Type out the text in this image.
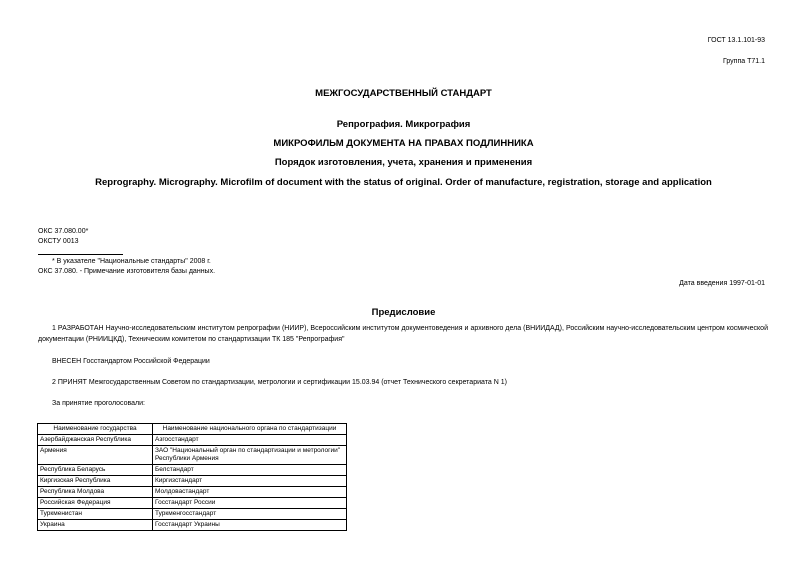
ГОСТ 13.1.101-93
Группа Т71.1
МЕЖГОСУДАРСТВЕННЫЙ СТАНДАРТ
Репрография. Микрография
МИКРОФИЛЬМ ДОКУМЕНТА НА ПРАВАХ ПОДЛИННИКА
Порядок изготовления, учета, хранения и применения
Reprography. Micrography. Microfilm of document with the status of original. Order of manufacture, registration, storage and application
ОКС 37.080.00*
ОКСТУ 0013
* В указателе "Национальные стандарты" 2008 г.
ОКС 37.080. - Примечание изготовителя базы данных.
Дата введения 1997-01-01
Предисловие
1 РАЗРАБОТАН Научно-исследовательским институтом репрографии (НИИР), Всероссийским институтом документоведения и архивного дела (ВНИИДАД), Российским научно-исследовательским центром космической документации (РНИИЦКД), Техническим комитетом по стандартизации ТК 185 "Репрография"
ВНЕСЕН Госстандартом Российской Федерации
2 ПРИНЯТ Межгосударственным Советом по стандартизации, метрологии и сертификации 15.03.94 (отчет Технического секретариата N 1)
За принятие проголосовали:
Наименование государства	Наименование национального органа по стандартизации
Азербайджанская Республика	Азгосстандарт
Армения	ЗАО "Национальный орган по стандартизации и метрологии" Республики Армения
Республика Беларусь	Белстандарт
Киргизская Республика	Киргизстандарт
Республика Молдова	Молдовастандарт
Российская Федерация	Госстандарт России
Туркменистан	Туркменгосстандарт
Украина	Госстандарт Украины
